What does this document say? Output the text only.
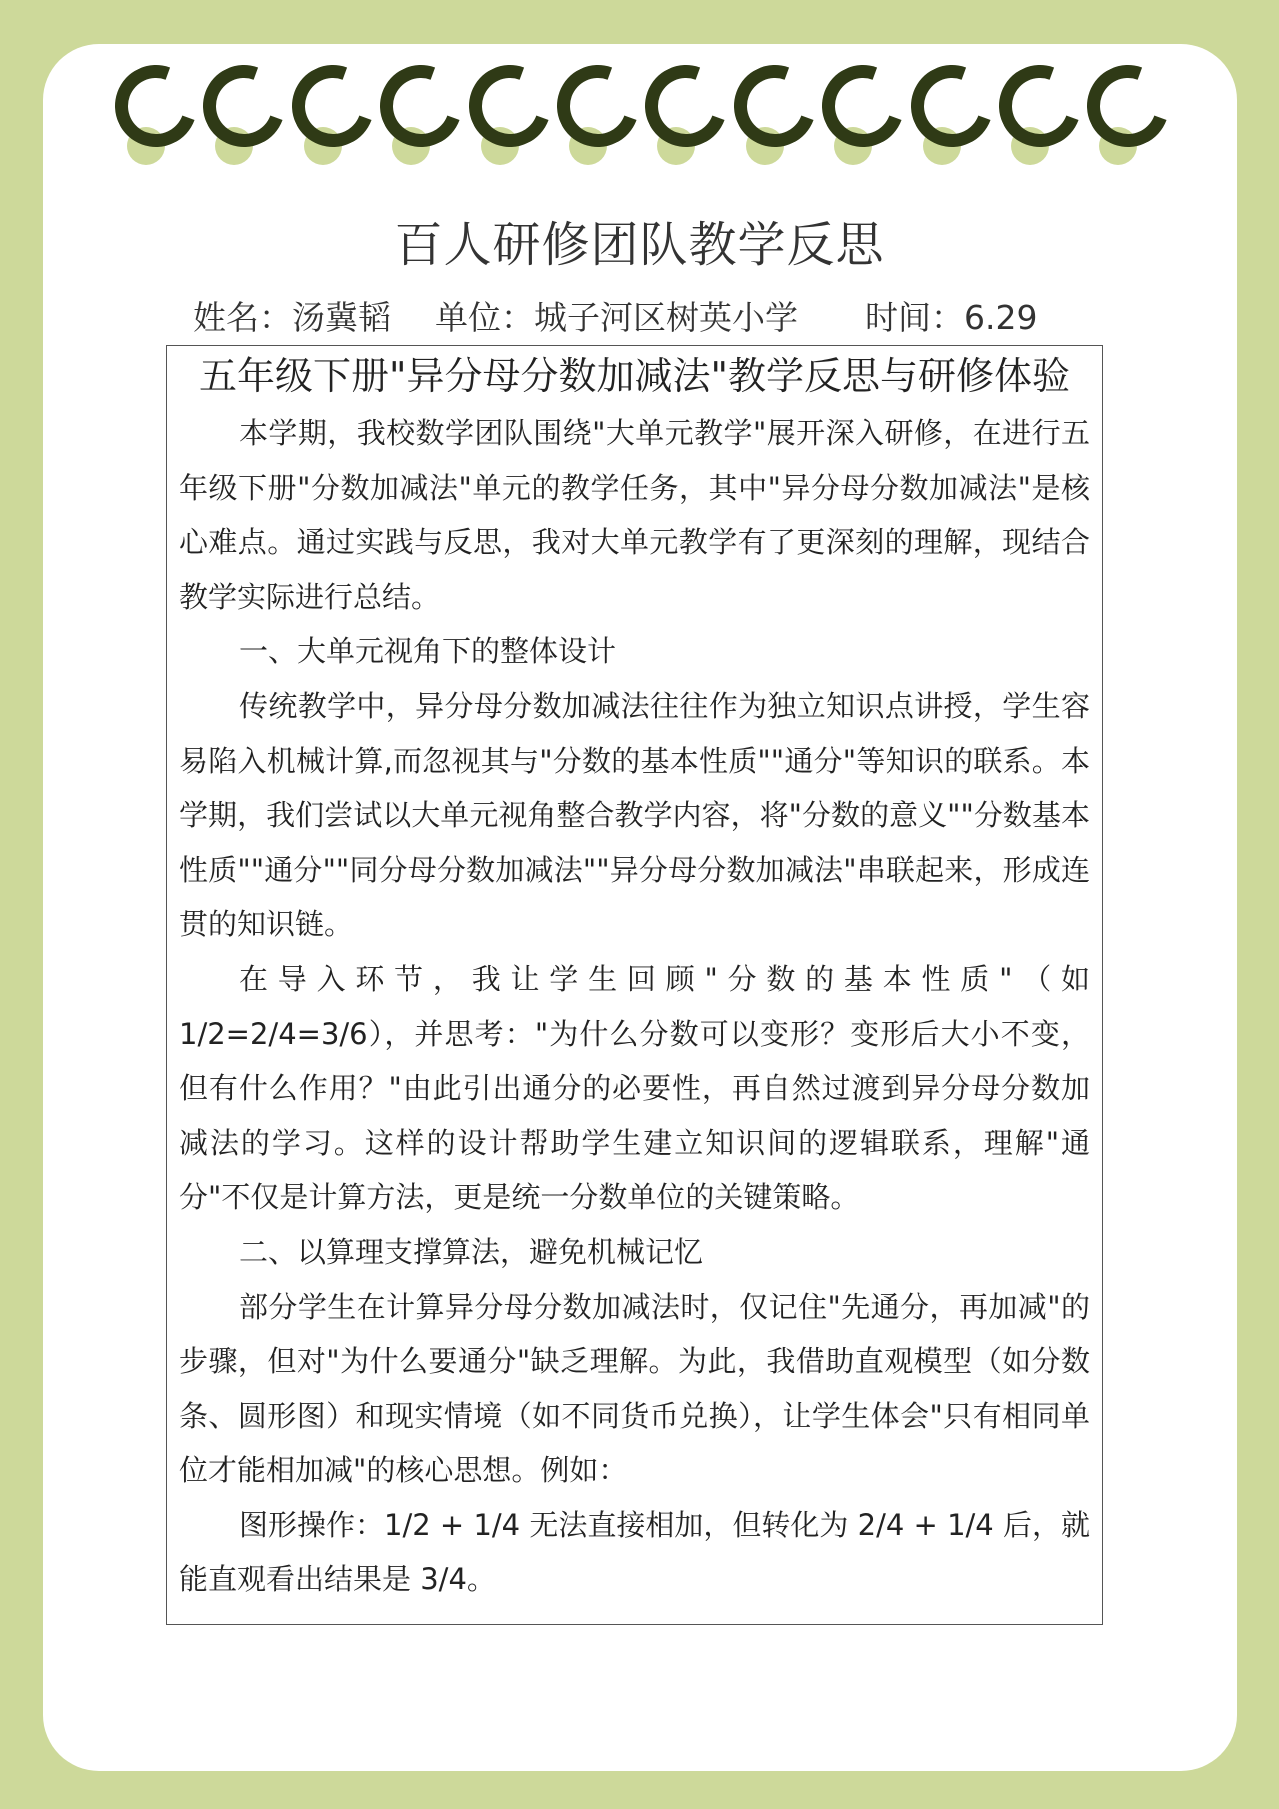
百人研修团队教学反思
姓名：汤冀韬 单位：城子河区树英小学 时间：6.29
五年级下册"异分母分数加减法"教学反思与研修体验

本学期，我校数学团队围绕"大单元教学"展开深入研修，在进行五年级下册"分数加减法"单元的教学任务，其中"异分母分数加减法"是核心难点。通过实践与反思，我对大单元教学有了更深刻的理解，现结合教学实际进行总结。

一、大单元视角下的整体设计

传统教学中，异分母分数加减法往往作为独立知识点讲授，学生容易陷入机械计算,而忽视其与"分数的基本性质""通分"等知识的联系。本学期，我们尝试以大单元视角整合教学内容，将"分数的意义""分数基本性质""通分""同分母分数加减法""异分母分数加减法"串联起来，形成连贯的知识链。

在导入环节，我让学生回顾"分数的基本性质"（如 1/2=2/4=3/6），并思考："为什么分数可以变形？变形后大小不变，但有什么作用？"由此引出通分的必要性，再自然过渡到异分母分数加减法的学习。这样的设计帮助学生建立知识间的逻辑联系，理解"通分"不仅是计算方法，更是统一分数单位的关键策略。

二、以算理支撑算法，避免机械记忆

部分学生在计算异分母分数加减法时，仅记住"先通分，再加减"的步骤，但对"为什么要通分"缺乏理解。为此，我借助直观模型（如分数条、圆形图）和现实情境（如不同货币兑换），让学生体会"只有相同单位才能相加减"的核心思想。例如：

图形操作：1/2 + 1/4 无法直接相加，但转化为 2/4 + 1/4 后，就能直观看出结果是 3/4。
